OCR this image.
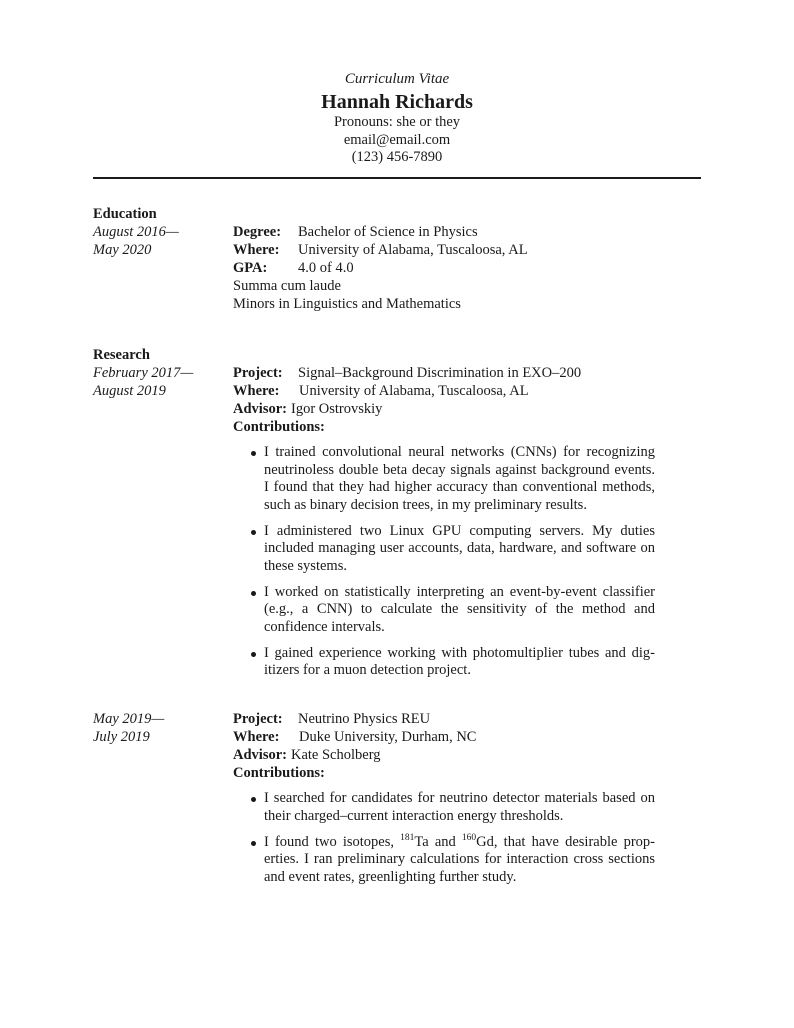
Curriculum Vitae
Hannah Richards
Pronouns: she or they
email@email.com
(123) 456-7890
Education
August 2016—
May 2020
Degree:	Bachelor of Science in Physics
Where:	University of Alabama, Tuscaloosa, AL
GPA:	4.0 of 4.0
Summa cum laude
Minors in Linguistics and Mathematics
Research
February 2017—
August 2019
Project:	Signal–Background Discrimination in EXO–200
Where:	University of Alabama, Tuscaloosa, AL
Advisor: Igor Ostrovskiy
Contributions:
I trained convolutional neural networks (CNNs) for recognizing neutrinoless double beta decay signals against background events. I found that they had higher accuracy than conventional methods, such as binary decision trees, in my preliminary results.
I administered two Linux GPU computing servers. My duties included managing user accounts, data, hardware, and software on these systems.
I worked on statistically interpreting an event-by-event classifier (e.g., a CNN) to calculate the sensitivity of the method and confidence intervals.
I gained experience working with photomultiplier tubes and digitizers for a muon detection project.
May 2019—
July 2019
Project:	Neutrino Physics REU
Where:	Duke University, Durham, NC
Advisor: Kate Scholberg
Contributions:
I searched for candidates for neutrino detector materials based on their charged–current interaction energy thresholds.
I found two isotopes, $^{181}$Ta and $^{160}$Gd, that have desirable properties. I ran preliminary calculations for interaction cross sections and event rates, greenlighting further study.
